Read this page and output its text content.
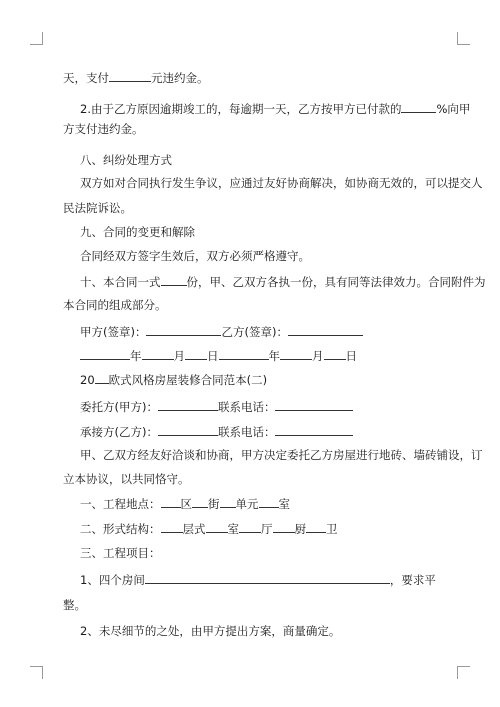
天，支付	元违约金。
2.由于乙方原因逾期竣工的，每逾期一天，乙方按甲方已付款的	%向甲
方支付违约金。
八、纠纷处理方式
双方如对合同执行发生争议，应通过友好协商解决，如协商无效的，可以提交人
民法院诉讼。
九、合同的变更和解除
合同经双方签字生效后，双方必须严格遵守。
十、本合同一式 份，甲、乙双方各执一份，具有同等法律效力。合同附件为
本合同的组成部分。
甲方(签章)：	乙方(签章)：
年	月 日	年	月 日
20 欧式风格房屋装修合同范本(二)
委托方(甲方)：	联系电话：
承接方(乙方)：	联系电话：
甲、乙双方经友好洽谈和协商，甲方决定委托乙方房屋进行地砖、墙砖铺设，订
立本协议，以共同恪守。
一、工程地点： 区 街 单元 室
二、形式结构： 层式 室 厅 厨 卫
三、工程项目：
1、四个房间	，要求平
整。
2、未尽细节的之处，由甲方提出方案，商量确定。
